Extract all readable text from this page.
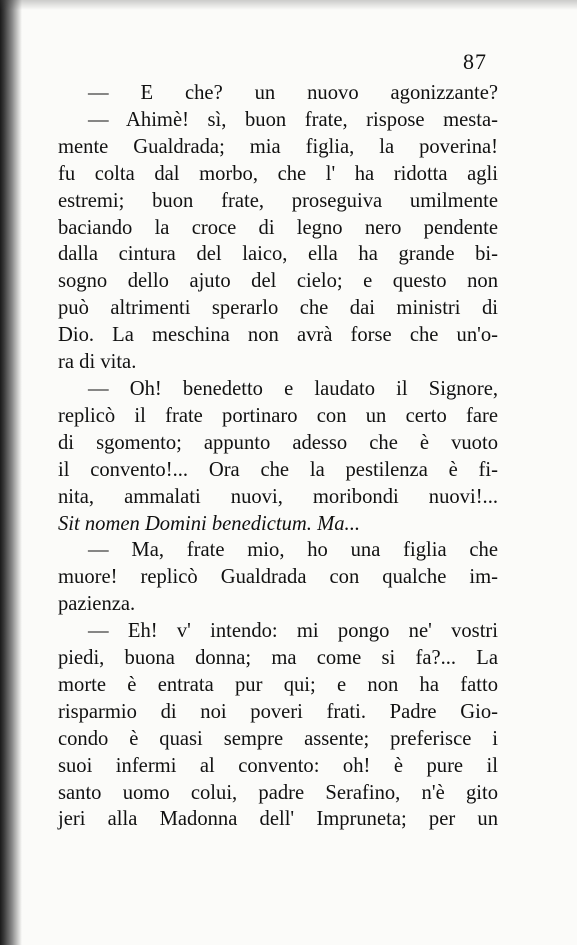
87
— E che? un nuovo agonizzante?
— Ahimè! sì, buon frate, rispose mesta-
mente Gualdrada; mia figlia, la poverina!
fu colta dal morbo, che l' ha ridotta agli
estremi; buon frate, proseguiva umilmente
baciando la croce di legno nero pendente
dalla cintura del laico, ella ha grande bi-
sogno dello ajuto del cielo; e questo non
può altrimenti sperarlo che dai ministri di
Dio. La meschina non avrà forse che un'o-
ra di vita.
— Oh! benedetto e laudato il Signore,
replicò il frate portinaro con un certo fare
di sgomento; appunto adesso che è vuoto
il convento!... Ora che la pestilenza è fi-
nita, ammalati nuovi, moribondi nuovi!...
Sit nomen Domini benedictum. Ma...
— Ma, frate mio, ho una figlia che
muore! replicò Gualdrada con qualche im-
pazienza.
— Eh! v' intendo: mi pongo ne' vostri
piedi, buona donna; ma come si fa?... La
morte è entrata pur qui; e non ha fatto
risparmio di noi poveri frati. Padre Gio-
condo è quasi sempre assente; preferisce i
suoi infermi al convento: oh! è pure il
santo uomo colui, padre Serafino, n'è gito
jeri alla Madonna dell' Impruneta; per un
